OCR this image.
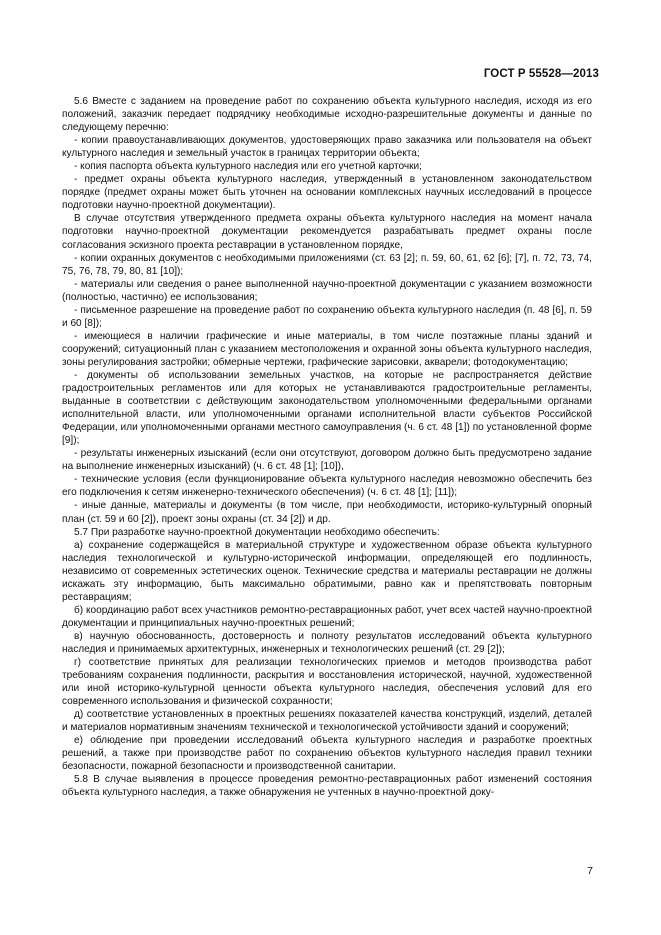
ГОСТ Р 55528—2013

5.6 Вместе с заданием на проведение работ по сохранению объекта культурного наследия, исходя из его положений, заказчик передает подрядчику необходимые исходно-разрешительные документы и данные по следующему перечню:

- копии правоустанавливающих документов, удостоверяющих право заказчика или пользователя на объект культурного наследия и земельный участок в границах территории объекта;

- копия паспорта объекта культурного наследия или его учетной карточки;

- предмет охраны объекта культурного наследия, утвержденный в установленном законодательством порядке (предмет охраны может быть уточнен на основании комплексных научных исследований в процессе подготовки научно-проектной документации).

В случае отсутствия утвержденного предмета охраны объекта культурного наследия на момент начала подготовки научно-проектной документации рекомендуется разрабатывать предмет охраны после согласования эскизного проекта реставрации в установленном порядке,

- копии охранных документов с необходимыми приложениями (ст. 63 [2]; п. 59, 60, 61, 62 [6]; [7], п. 72, 73, 74, 75, 76, 78, 79, 80, 81 [10]);

- материалы или сведения о ранее выполненной научно-проектной документации с указанием возможности (полностью, частично) ее использования;

- письменное разрешение на проведение работ по сохранению объекта культурного наследия (п. 48 [6], п. 59 и 60 [8]);

- имеющиеся в наличии графические и иные материалы, в том числе поэтажные планы зданий и сооружений; ситуационный план с указанием местоположения и охранной зоны объекта культурного наследия, зоны регулирования застройки; обмерные чертежи, графические зарисовки, акварели; фотодокументацию;

- документы об использовании земельных участков, на которые не распространяется действие градостроительных регламентов или для которых не устанавливаются градостроительные регламенты, выданные в соответствии с действующим законодательством уполномоченными федеральными органами исполнительной власти, или уполномоченными органами исполнительной власти субъектов Российской Федерации, или уполномоченными органами местного самоуправления (ч. 6 ст. 48 [1]) по установленной форме [9]);

- результаты инженерных изысканий (если они отсутствуют, договором должно быть предусмотрено задание на выполнение инженерных изысканий) (ч. 6 ст. 48 [1]; [10]),

- технические условия (если функционирование объекта культурного наследия невозможно обеспечить без его подключения к сетям инженерно-технического обеспечения) (ч. 6 ст. 48 [1]; [11]);

- иные данные, материалы и документы (в том числе, при необходимости, историко-культурный опорный план (ст. 59 и 60 [2]), проект зоны охраны (ст. 34 [2]) и др.

5.7 При разработке научно-проектной документации необходимо обеспечить:

а) сохранение содержащейся в материальной структуре и художественном образе объекта культурного наследия технологической и культурно-исторической информации, определяющей его подлинность, независимо от современных эстетических оценок. Технические средства и материалы реставрации не должны искажать эту информацию, быть максимально обратимыми, равно как и препятствовать повторным реставрациям;

б) координацию работ всех участников ремонтно-реставрационных работ, учет всех частей научно-проектной документации и принципиальных научно-проектных решений;

в) научную обоснованность, достоверность и полноту результатов исследований объекта культурного наследия и принимаемых архитектурных, инженерных и технологических решений (ст. 29 [2]);

г) соответствие принятых для реализации технологических приемов и методов производства работ требованиям сохранения подлинности, раскрытия и восстановления исторической, научной, художественной или иной историко-культурной ценности объекта культурного наследия, обеспечения условий для его современного использования и физической сохранности;

д) соответствие установленных в проектных решениях показателей качества конструкций, изделий, деталей и материалов нормативным значениям технической и технологической устойчивости зданий и сооружений;

е) облюдение при проведении исследований объекта культурного наследия и разработке проектных решений, а также при производстве работ по сохранению объектов культурного наследия правил техники безопасности, пожарной безопасности и производственной санитарии.

5.8 В случае выявления в процессе проведения ремонтно-реставрационных работ изменений состояния объекта культурного наследия, а также обнаружения не учтенных в научно-проектной доку-

7
